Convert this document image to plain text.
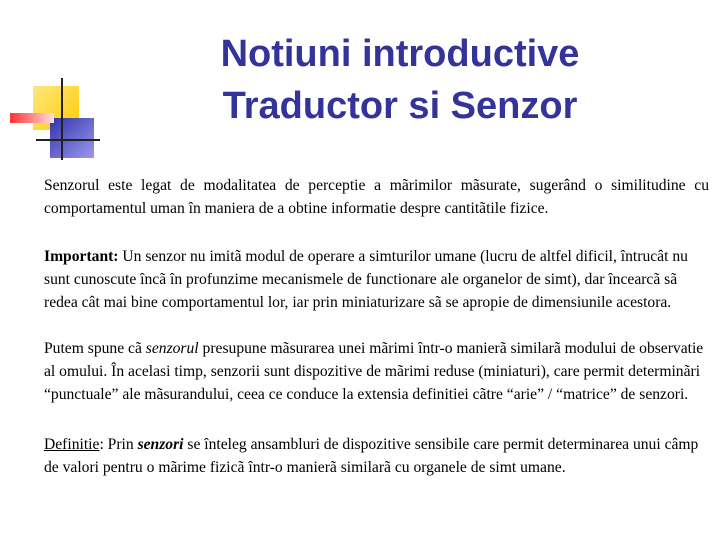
Notiuni introductive
Traductor si Senzor

Senzorul este legat de modalitatea de perceptie a mãrimilor mãsurate, sugerând o similitudine cu comportamentul uman în maniera de a obtine informatie despre cantitãtile fizice.

Important: Un senzor nu imitã modul de operare a simturilor umane (lucru de altfel dificil, întrucât nu sunt cunoscute încã în profunzime mecanismele de functionare ale organelor de simt), dar încearcã sã redea cât mai bine comportamentul lor, iar prin miniaturizare sã se apropie de dimensiunile acestora.

Putem spune cã senzorul presupune mãsurarea unei mãrimi într-o manierã similarã modului de observatie al omului. În acelasi timp, senzorii sunt dispozitive de mãrimi reduse (miniaturi), care permit determinãri “punctuale” ale mãsurandului, ceea ce conduce la extensia definitiei cãtre “arie” / “matrice” de senzori.

Definitie: Prin senzori se înteleg ansambluri de dispozitive sensibile care permit determinarea unui câmp de valori pentru o mãrime fizicã într-o manierã similarã cu organele de simt umane.
